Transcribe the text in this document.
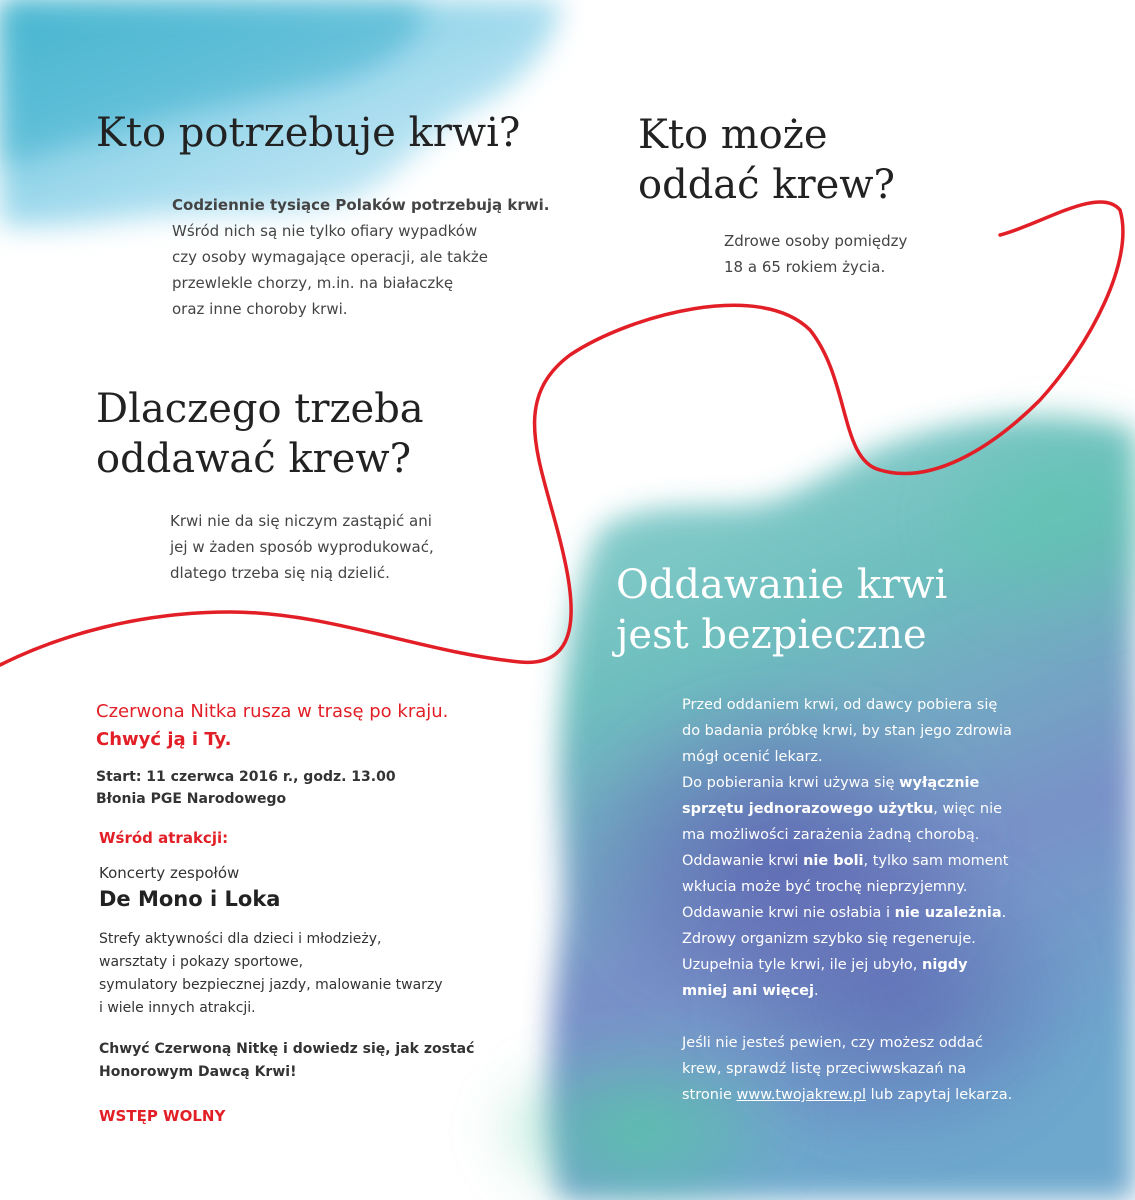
Kto potrzebuje krwi?

Codziennie tysiące Polaków potrzebują krwi.
Wśród nich są nie tylko ofiary wypadków
czy osoby wymagające operacji, ale także
przewlekle chorzy, m.in. na białaczkę
oraz inne choroby krwi.

Kto może
oddać krew?

Zdrowe osoby pomiędzy
18 a 65 rokiem życia.

Dlaczego trzeba
oddawać krew?

Krwi nie da się niczym zastąpić ani
jej w żaden sposób wyprodukować,
dlatego trzeba się nią dzielić.

Czerwona Nitka rusza w trasę po kraju.
Chwyć ją i Ty.
Start: 11 czerwca 2016 r., godz. 13.00
Błonia PGE Narodowego
Wśród atrakcji:
Koncerty zespołów
De Mono i Loka
Strefy aktywności dla dzieci i młodzieży,
warsztaty i pokazy sportowe,
symulatory bezpiecznej jazdy, malowanie twarzy
i wiele innych atrakcji.
Chwyć Czerwoną Nitkę i dowiedz się, jak zostać
Honorowym Dawcą Krwi!
WSTĘP WOLNY
Oddawanie krwi
jest bezpieczne
Przed oddaniem krwi, od dawcy pobiera się
do badania próbkę krwi, by stan jego zdrowia
mógł ocenić lekarz.
Do pobierania krwi używa się wyłącznie
sprzętu jednorazowego użytku, więc nie
ma możliwości zarażenia żadną chorobą.
Oddawanie krwi nie boli, tylko sam moment
wkłucia może być trochę nieprzyjemny.
Oddawanie krwi nie osłabia i nie uzależnia.
Zdrowy organizm szybko się regeneruje.
Uzupełnia tyle krwi, ile jej ubyło, nigdy
mniej ani więcej.
Jeśli nie jesteś pewien, czy możesz oddać
krew, sprawdź listę przeciwwskazań na
stronie www.twojakrew.pl lub zapytaj lekarza.
